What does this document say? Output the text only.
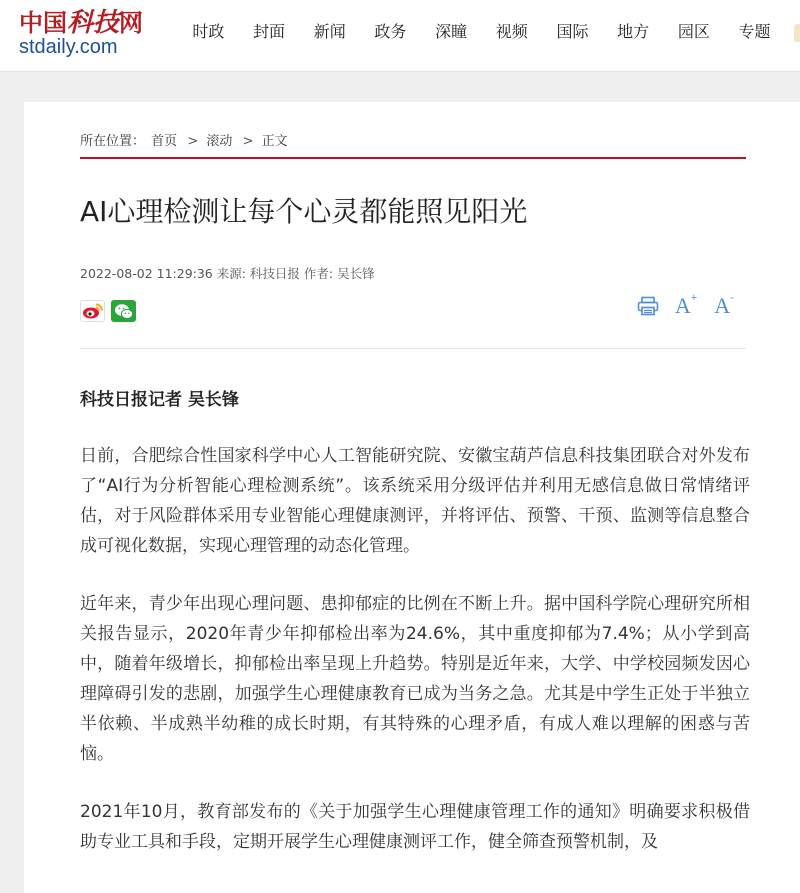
中国科技网
stdaily.com
时政	封面	新闻	政务	深瞳	视频	国际	地方	园区	专题
所在位置： 首页 > 滚动 > 正文
AI心理检测让每个心灵都能照见阳光
2022-08-02 11:29:36 来源: 科技日报 作者: 吴长锋
A+ A-
科技日报记者 吴长锋

日前，合肥综合性国家科学中心人工智能研究院、安徽宝葫芦信息科技集团联合对外发布了“AI行为分析智能心理检测系统”。该系统采用分级评估并利用无感信息做日常情绪评估，对于风险群体采用专业智能心理健康测评，并将评估、预警、干预、监测等信息整合成可视化数据，实现心理管理的动态化管理。

近年来，青少年出现心理问题、患抑郁症的比例在不断上升。据中国科学院心理研究所相关报告显示，2020年青少年抑郁检出率为24.6%，其中重度抑郁为7.4%；从小学到高中，随着年级增长，抑郁检出率呈现上升趋势。特别是近年来，大学、中学校园频发因心理障碍引发的悲剧，加强学生心理健康教育已成为当务之急。尤其是中学生正处于半独立半依赖、半成熟半幼稚的成长时期，有其特殊的心理矛盾，有成人难以理解的困惑与苦恼。

2021年10月，教育部发布的《关于加强学生心理健康管理工作的通知》明确要求积极借助专业工具和手段，定期开展学生心理健康测评工作，健全筛查预警机制，及
